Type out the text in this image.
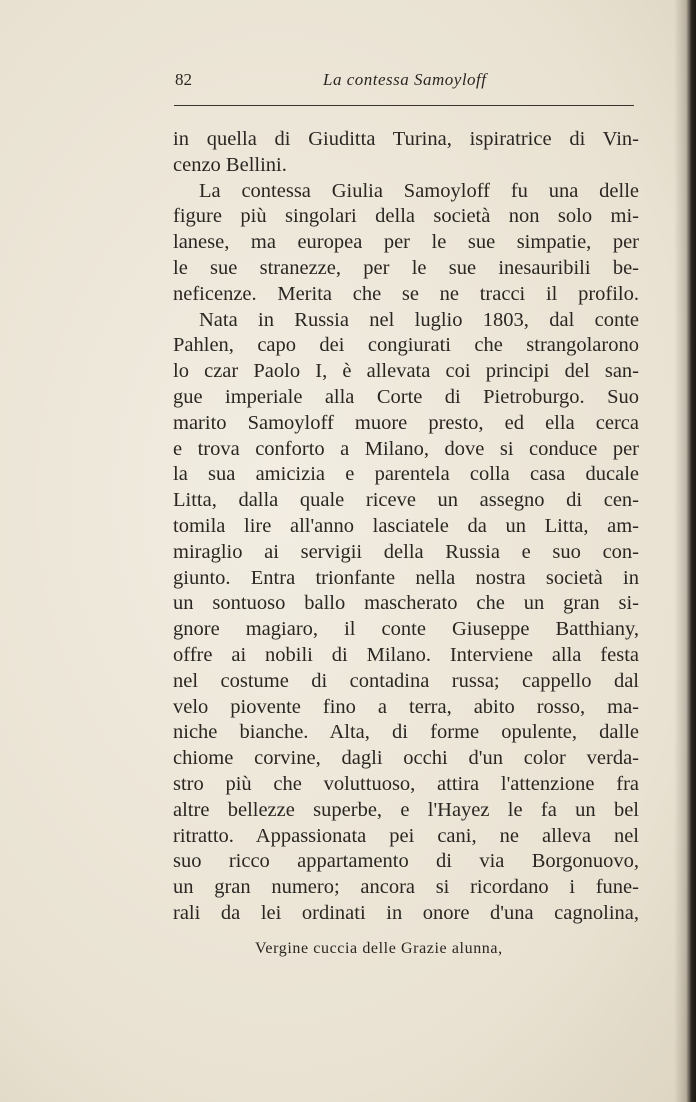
82	La contessa Samoyloff
in quella di Giuditta Turina, ispiratrice di Vin-
cenzo Bellini.
La contessa Giulia Samoyloff fu una delle
figure più singolari della società non solo mi-
lanese, ma europea per le sue simpatie, per
le sue stranezze, per le sue inesauribili be-
neficenze. Merita che se ne tracci il profilo.
Nata in Russia nel luglio 1803, dal conte
Pahlen, capo dei congiurati che strangolarono
lo czar Paolo I, è allevata coi principi del san-
gue imperiale alla Corte di Pietroburgo. Suo
marito Samoyloff muore presto, ed ella cerca
e trova conforto a Milano, dove si conduce per
la sua amicizia e parentela colla casa ducale
Litta, dalla quale riceve un assegno di cen-
tomila lire all'anno lasciatele da un Litta, am-
miraglio ai servigii della Russia e suo con-
giunto. Entra trionfante nella nostra società in
un sontuoso ballo mascherato che un gran si-
gnore magiaro, il conte Giuseppe Batthiany,
offre ai nobili di Milano. Interviene alla festa
nel costume di contadina russa; cappello dal
velo piovente fino a terra, abito rosso, ma-
niche bianche. Alta, di forme opulente, dalle
chiome corvine, dagli occhi d'un color verda-
stro più che voluttuoso, attira l'attenzione fra
altre bellezze superbe, e l'Hayez le fa un bel
ritratto. Appassionata pei cani, ne alleva nel
suo ricco appartamento di via Borgonuovo,
un gran numero; ancora si ricordano i fune-
rali da lei ordinati in onore d'una cagnolina,
Vergine cuccia delle Grazie alunna,
